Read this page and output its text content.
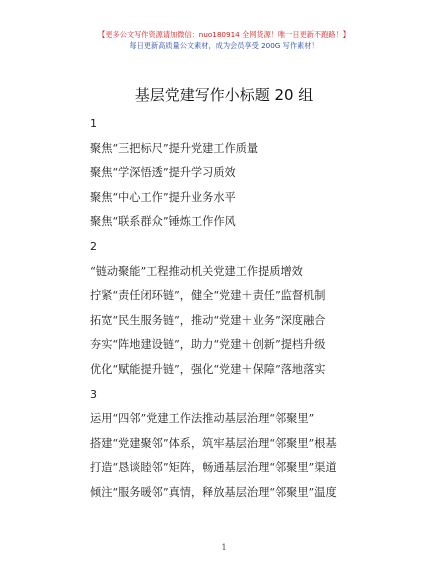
【更多公文写作资源请加微信：nuo180914 全网货源！唯一日更新不跑路！】
每日更新高质量公文素材，成为会员享受 200G 写作素材！
基层党建写作小标题 20 组
1
聚焦“三把标尺”提升党建工作质量
聚焦“学深悟透”提升学习质效
聚焦“中心工作”提升业务水平
聚焦“联系群众”锤炼工作作风
2
“链动聚能”工程推动机关党建工作提质增效
拧紧“责任闭环链”，健全“党建＋责任”监督机制
拓宽“民生服务链”，推动“党建＋业务”深度融合
夯实“阵地建设链”，助力“党建＋创新”提档升级
优化“赋能提升链”，强化“党建＋保障”落地落实
3
运用“四邻”党建工作法推动基层治理“邻聚里”
搭建“党建聚邻”体系，筑牢基层治理“邻聚里”根基
打造“恳谈睦邻”矩阵，畅通基层治理“邻聚里”渠道
倾注“服务暖邻”真情，释放基层治理“邻聚里”温度
1
